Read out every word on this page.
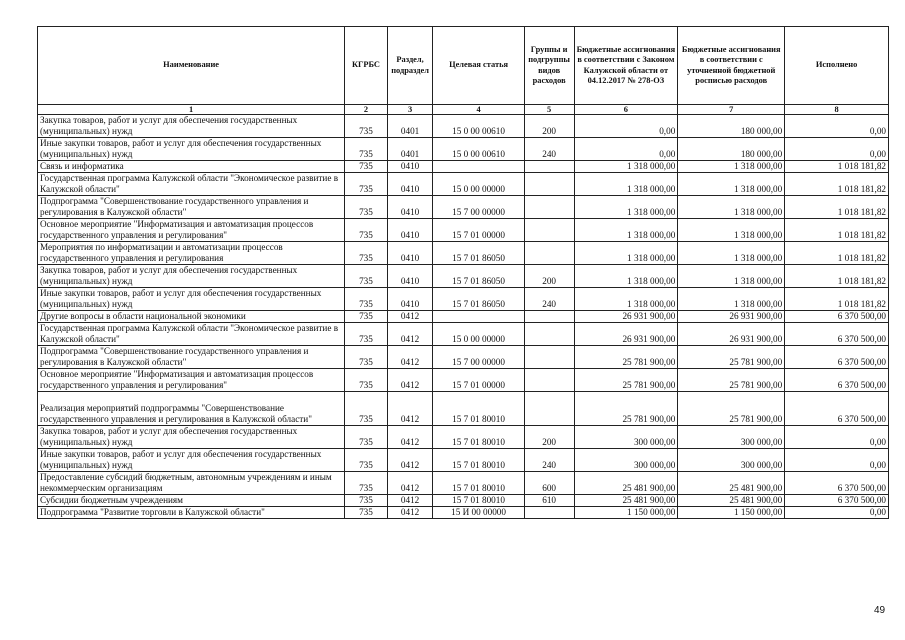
Наименование	КГРБС	Раздел, подраздел	Целевая статья	Группы и подгруппы видов расходов	Бюджетные ассигнования в соответствии с Законом Калужской области от 04.12.2017 № 278-ОЗ	Бюджетные ассигнования в соответствии с уточненной бюджетной росписью расходов	Исполнено
1	2	3	4	5	6	7	8
Закупка товаров, работ и услуг для обеспечения государственных (муниципальных) нужд	735	0401	15 0 00 00610	200	0,00	180 000,00	0,00
Иные закупки товаров, работ и услуг для обеспечения государственных (муниципальных) нужд	735	0401	15 0 00 00610	240	0,00	180 000,00	0,00
Связь и информатика	735	0410			1 318 000,00	1 318 000,00	1 018 181,82
Государственная программа Калужской области "Экономическое развитие в Калужской области"	735	0410	15 0 00 00000		1 318 000,00	1 318 000,00	1 018 181,82
Подпрограмма "Совершенствование государственного управления и регулирования в Калужской области"	735	0410	15 7 00 00000		1 318 000,00	1 318 000,00	1 018 181,82
Основное мероприятие "Информатизация и автоматизация процессов государственного управления и регулирования"	735	0410	15 7 01 00000		1 318 000,00	1 318 000,00	1 018 181,82
Мероприятия по информатизации и автоматизации процессов государственного управления и регулирования	735	0410	15 7 01 86050		1 318 000,00	1 318 000,00	1 018 181,82
Закупка товаров, работ и услуг для обеспечения государственных (муниципальных) нужд	735	0410	15 7 01 86050	200	1 318 000,00	1 318 000,00	1 018 181,82
Иные закупки товаров, работ и услуг для обеспечения государственных (муниципальных) нужд	735	0410	15 7 01 86050	240	1 318 000,00	1 318 000,00	1 018 181,82
Другие вопросы в области национальной экономики	735	0412			26 931 900,00	26 931 900,00	6 370 500,00
Государственная программа Калужской области "Экономическое развитие в Калужской области"	735	0412	15 0 00 00000		26 931 900,00	26 931 900,00	6 370 500,00
Подпрограмма "Совершенствование государственного управления и регулирования в Калужской области"	735	0412	15 7 00 00000		25 781 900,00	25 781 900,00	6 370 500,00
Основное мероприятие "Информатизация и автоматизация процессов государственного управления и регулирования"	735	0412	15 7 01 00000		25 781 900,00	25 781 900,00	6 370 500,00
Реализация мероприятий подпрограммы "Совершенствование государственного управления и регулирования в Калужской области"	735	0412	15 7 01 80010		25 781 900,00	25 781 900,00	6 370 500,00
Закупка товаров, работ и услуг для обеспечения государственных (муниципальных) нужд	735	0412	15 7 01 80010	200	300 000,00	300 000,00	0,00
Иные закупки товаров, работ и услуг для обеспечения государственных (муниципальных) нужд	735	0412	15 7 01 80010	240	300 000,00	300 000,00	0,00
Предоставление субсидий бюджетным, автономным учреждениям и иным некоммерческим организациям	735	0412	15 7 01 80010	600	25 481 900,00	25 481 900,00	6 370 500,00
Субсидии бюджетным учреждениям	735	0412	15 7 01 80010	610	25 481 900,00	25 481 900,00	6 370 500,00
Подпрограмма "Развитие торговли в Калужской области"	735	0412	15 И 00 00000		1 150 000,00	1 150 000,00	0,00
49
